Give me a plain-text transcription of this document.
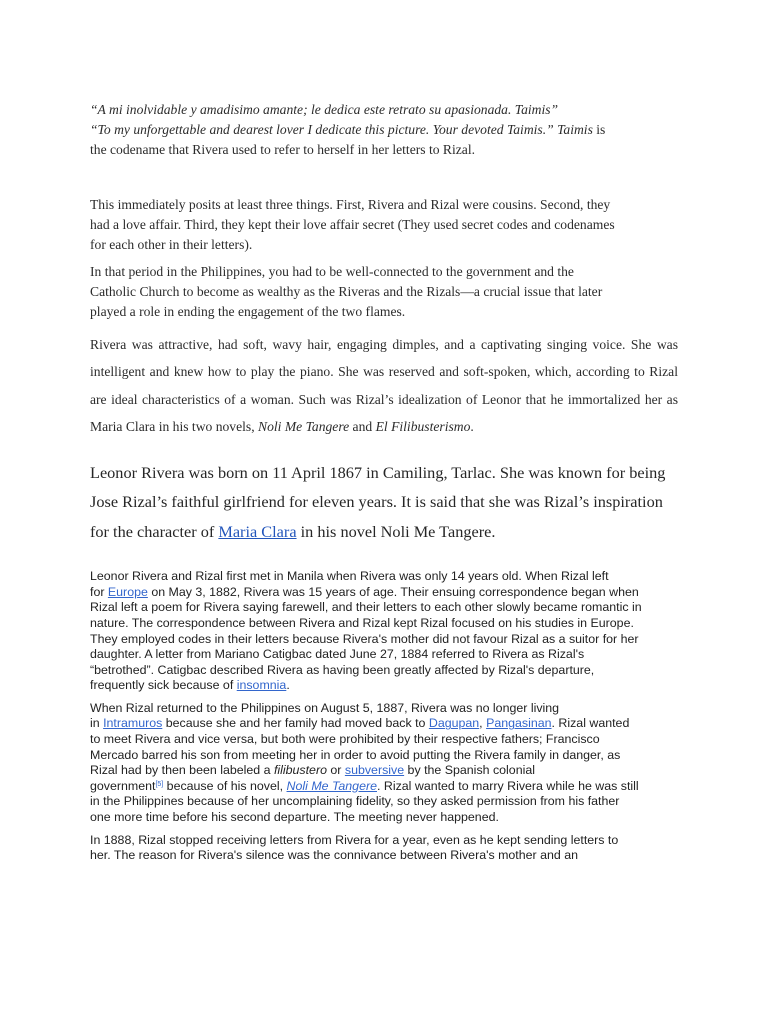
“A mi inolvidable y amadisimo amante; le dedica este retrato su apasionada. Taimis”
“To my unforgettable and dearest lover I dedicate this picture. Your devoted Taimis.” Taimis is
the codename that Rivera used to refer to herself in her letters to Rizal.

This immediately posits at least three things. First, Rivera and Rizal were cousins. Second, they
had a love affair. Third, they kept their love affair secret (They used secret codes and codenames
for each other in their letters).

In that period in the Philippines, you had to be well-connected to the government and the
Catholic Church to become as wealthy as the Riveras and the Rizals—a crucial issue that later
played a role in ending the engagement of the two flames.

Rivera was attractive, had soft, wavy hair, engaging dimples, and a captivating singing voice. She was intelligent and knew how to play the piano. She was reserved and soft-spoken, which, according to Rizal are ideal characteristics of a woman. Such was Rizal’s idealization of Leonor that he immortalized her as Maria Clara in his two novels, Noli Me Tangere and El Filibusterismo.

Leonor Rivera was born on 11 April 1867 in Camiling, Tarlac. She was known for being
Jose Rizal’s faithful girlfriend for eleven years. It is said that she was Rizal’s inspiration
for the character of Maria Clara in his novel Noli Me Tangere.

Leonor Rivera and Rizal first met in Manila when Rivera was only 14 years old. When Rizal left
for Europe on May 3, 1882, Rivera was 15 years of age. Their ensuing correspondence began when
Rizal left a poem for Rivera saying farewell, and their letters to each other slowly became romantic in
nature. The correspondence between Rivera and Rizal kept Rizal focused on his studies in Europe.
They employed codes in their letters because Rivera's mother did not favour Rizal as a suitor for her
daughter. A letter from Mariano Catigbac dated June 27, 1884 referred to Rivera as Rizal's
“betrothed”. Catigbac described Rivera as having been greatly affected by Rizal's departure,
frequently sick because of insomnia.

When Rizal returned to the Philippines on August 5, 1887, Rivera was no longer living
in Intramuros because she and her family had moved back to Dagupan, Pangasinan. Rizal wanted
to meet Rivera and vice versa, but both were prohibited by their respective fathers; Francisco
Mercado barred his son from meeting her in order to avoid putting the Rivera family in danger, as
Rizal had by then been labeled a filibustero or subversive by the Spanish colonial
government[5] because of his novel, Noli Me Tangere. Rizal wanted to marry Rivera while he was still
in the Philippines because of her uncomplaining fidelity, so they asked permission from his father
one more time before his second departure. The meeting never happened.

In 1888, Rizal stopped receiving letters from Rivera for a year, even as he kept sending letters to
her. The reason for Rivera's silence was the connivance between Rivera's mother and an
